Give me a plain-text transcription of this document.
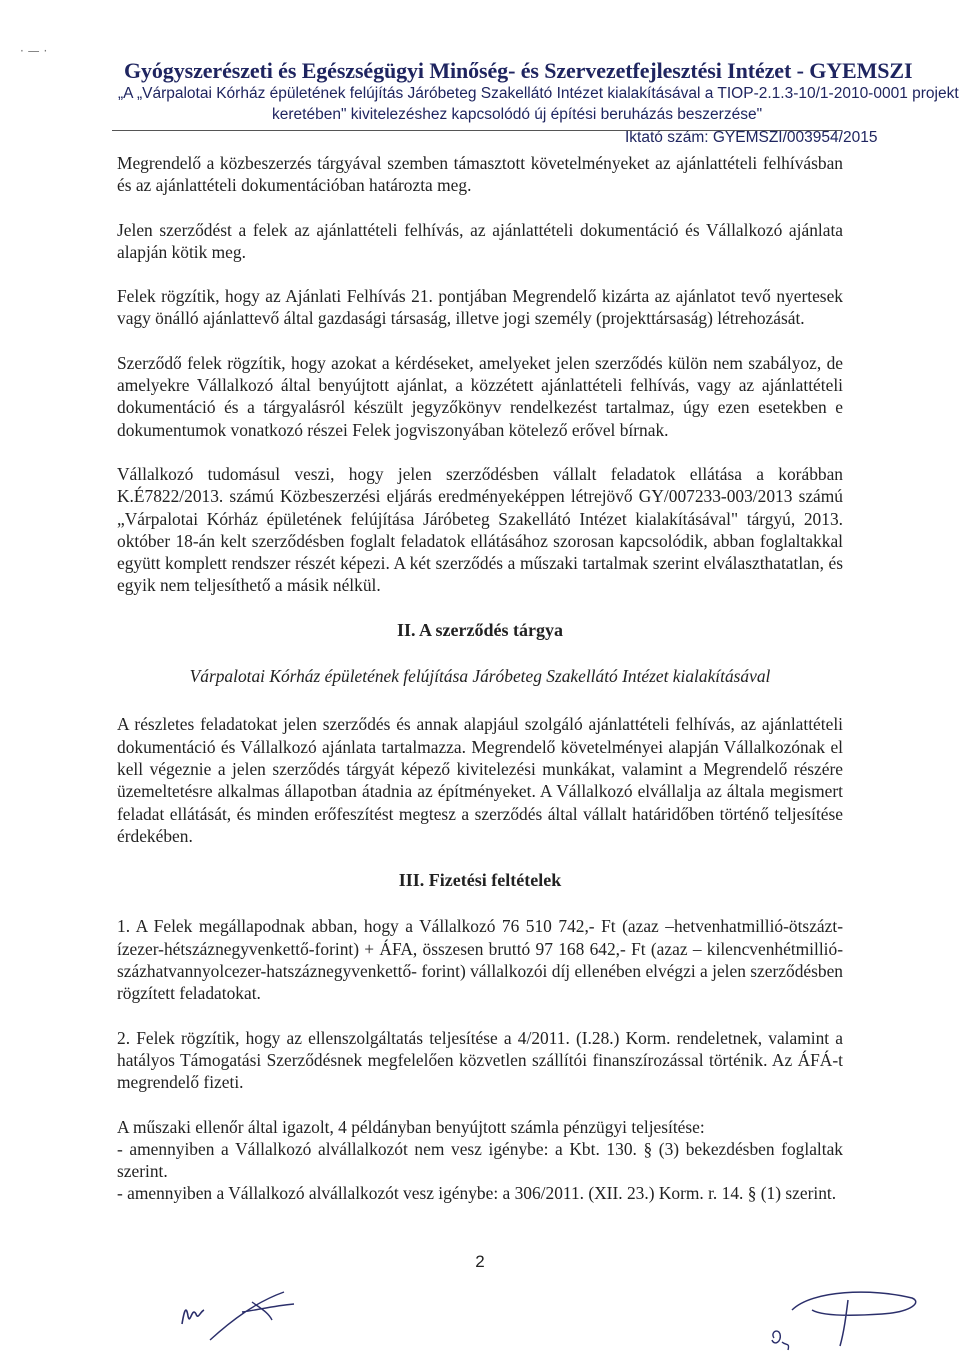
· — ·
Gyógyszerészeti és Egészségügyi Minőség- és Szervezetfejlesztési Intézet - GYEMSZI
„A „Várpalotai Kórház épületének felújítás Járóbeteg Szakellátó Intézet kialakításával a TIOP-2.1.3-10/1-2010-0001 projekt
keretében" kivitelezéshez kapcsolódó új építési beruházás beszerzése"
Iktató szám: GYEMSZI/003954/2015

Megrendelő a közbeszerzés tárgyával szemben támasztott követelményeket az ajánlattételi felhívásban és az ajánlattételi dokumentációban határozta meg.

Jelen szerződést a felek az ajánlattételi felhívás, az ajánlattételi dokumentáció és Vállalkozó ajánlata alapján kötik meg.

Felek rögzítik, hogy az Ajánlati Felhívás 21. pontjában Megrendelő kizárta az ajánlatot tevő nyertesek vagy önálló ajánlattevő által gazdasági társaság, illetve jogi személy (projekttársaság) létrehozását.

Szerződő felek rögzítik, hogy azokat a kérdéseket, amelyeket jelen szerződés külön nem szabályoz, de amelyekre Vállalkozó által benyújtott ajánlat, a közzétett ajánlattételi felhívás, vagy az ajánlattételi dokumentáció és a tárgyalásról készült jegyzőkönyv rendelkezést tartalmaz, úgy ezen esetekben e dokumentumok vonatkozó részei Felek jogviszonyában kötelező erővel bírnak.

Vállalkozó tudomásul veszi, hogy jelen szerződésben vállalt feladatok ellátása a korábban K.É7822/2013. számú Közbeszerzési eljárás eredményeképpen létrejövő GY/007233-003/2013 számú „Várpalotai Kórház épületének felújítása Járóbeteg Szakellátó Intézet kialakításával" tárgyú, 2013. október 18-án kelt szerződésben foglalt feladatok ellátásához szorosan kapcsolódik, abban foglaltakkal együtt komplett rendszer részét képezi. A két szerződés a műszaki tartalmak szerint elválaszthatatlan, és egyik nem teljesíthető a másik nélkül.

II. A szerződés tárgya
Várpalotai Kórház épületének felújítása Járóbeteg Szakellátó Intézet kialakításával

A részletes feladatokat jelen szerződés és annak alapjául szolgáló ajánlattételi felhívás, az ajánlattételi dokumentáció és Vállalkozó ajánlata tartalmazza. Megrendelő követelményei alapján Vállalkozónak el kell végeznie a jelen szerződés tárgyát képező kivitelezési munkákat, valamint a Megrendelő részére üzemeltetésre alkalmas állapotban átadnia az építményeket. A Vállalkozó elvállalja az általa megismert feladat ellátását, és minden erőfeszítést megtesz a szerződés által vállalt határidőben történő teljesítése érdekében.

III. Fizetési feltételek

1. A Felek megállapodnak abban, hogy a Vállalkozó 76 510 742,- Ft (azaz –hetvenhatmillió-ötszáztízezer-hétszáznegyvenkettő-forint) + ÁFA, összesen bruttó 97 168 642,- Ft (azaz – kilencvenhétmillió-százhatvannyolcezer-hatszáznegyvenkettő- forint) vállalkozói díj ellenében elvégzi a jelen szerződésben rögzített feladatokat.

2. Felek rögzítik, hogy az ellenszolgáltatás teljesítése a 4/2011. (I.28.) Korm. rendeletnek, valamint a hatályos Támogatási Szerződésnek megfelelően közvetlen szállítói finanszírozással történik. Az ÁFÁ-t megrendelő fizeti.

A műszaki ellenőr által igazolt, 4 példányban benyújtott számla pénzügyi teljesítése:

- amennyiben a Vállalkozó alvállalkozót nem vesz igénybe: a Kbt. 130. § (3) bekezdésben foglaltak szerint.

- amennyiben a Vállalkozó alvállalkozót vesz igénybe: a 306/2011. (XII. 23.) Korm. r. 14. § (1) szerint.

2
